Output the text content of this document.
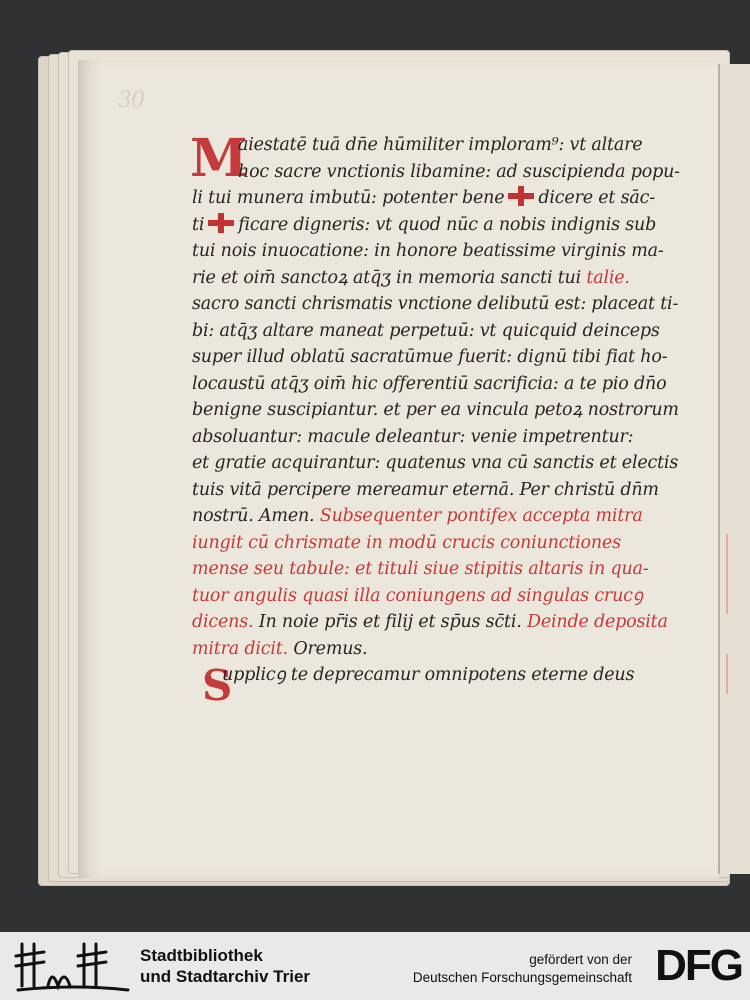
30
M
S
aiestatē tuā dn̄e hūmiliter imploram⁹: vt altare
hoc sacre vnctionis libamine: ad suscipienda popu-
li tui munera imbutū: potenter bene dicere et sāc-
ti ficare digneris: vt quod nūc a nobis indignis sub
tui nois inuocatione: in honore beatissime virginis ma-
rie et oim̄ sanctoꝝ atq̄ʒ in memoria sancti tui talie.
sacro sancti chrismatis vnctione delibutū est: placeat ti-
bi: atq̄ʒ altare maneat perpetuū: vt quicquid deinceps
super illud oblatū sacratūmue fuerit: dignū tibi fiat ho-
locaustū atq̄ʒ oim̄ hic offerentiū sacrificia: a te pio dn̄o
benigne suscipiantur. et per ea vincula petoꝝ nostrorum
absoluantur: macule deleantur: venie impetrentur:
et gratie acquirantur: quatenus vna cū sanctis et electis
tuis vitā percipere mereamur eternā. Per christū dn̄m
nostrū. Amen. Subsequenter pontifex accepta mitra
iungit cū chrismate in modū crucis coniunctiones
mense seu tabule: et tituli siue stipitis altaris in qua-
tuor angulis quasi illa coniungens ad singulas crucꝯ
dicens. In noie pr̄is et filij et sp̄us sc̄ti. Deinde deposita
mitra dicit. Oremus.
upplicꝯ te deprecamur omnipotens eterne deus
Stadtbibliothek
und Stadtarchiv Trier
gefördert von der
Deutschen Forschungsgemeinschaft DFG
